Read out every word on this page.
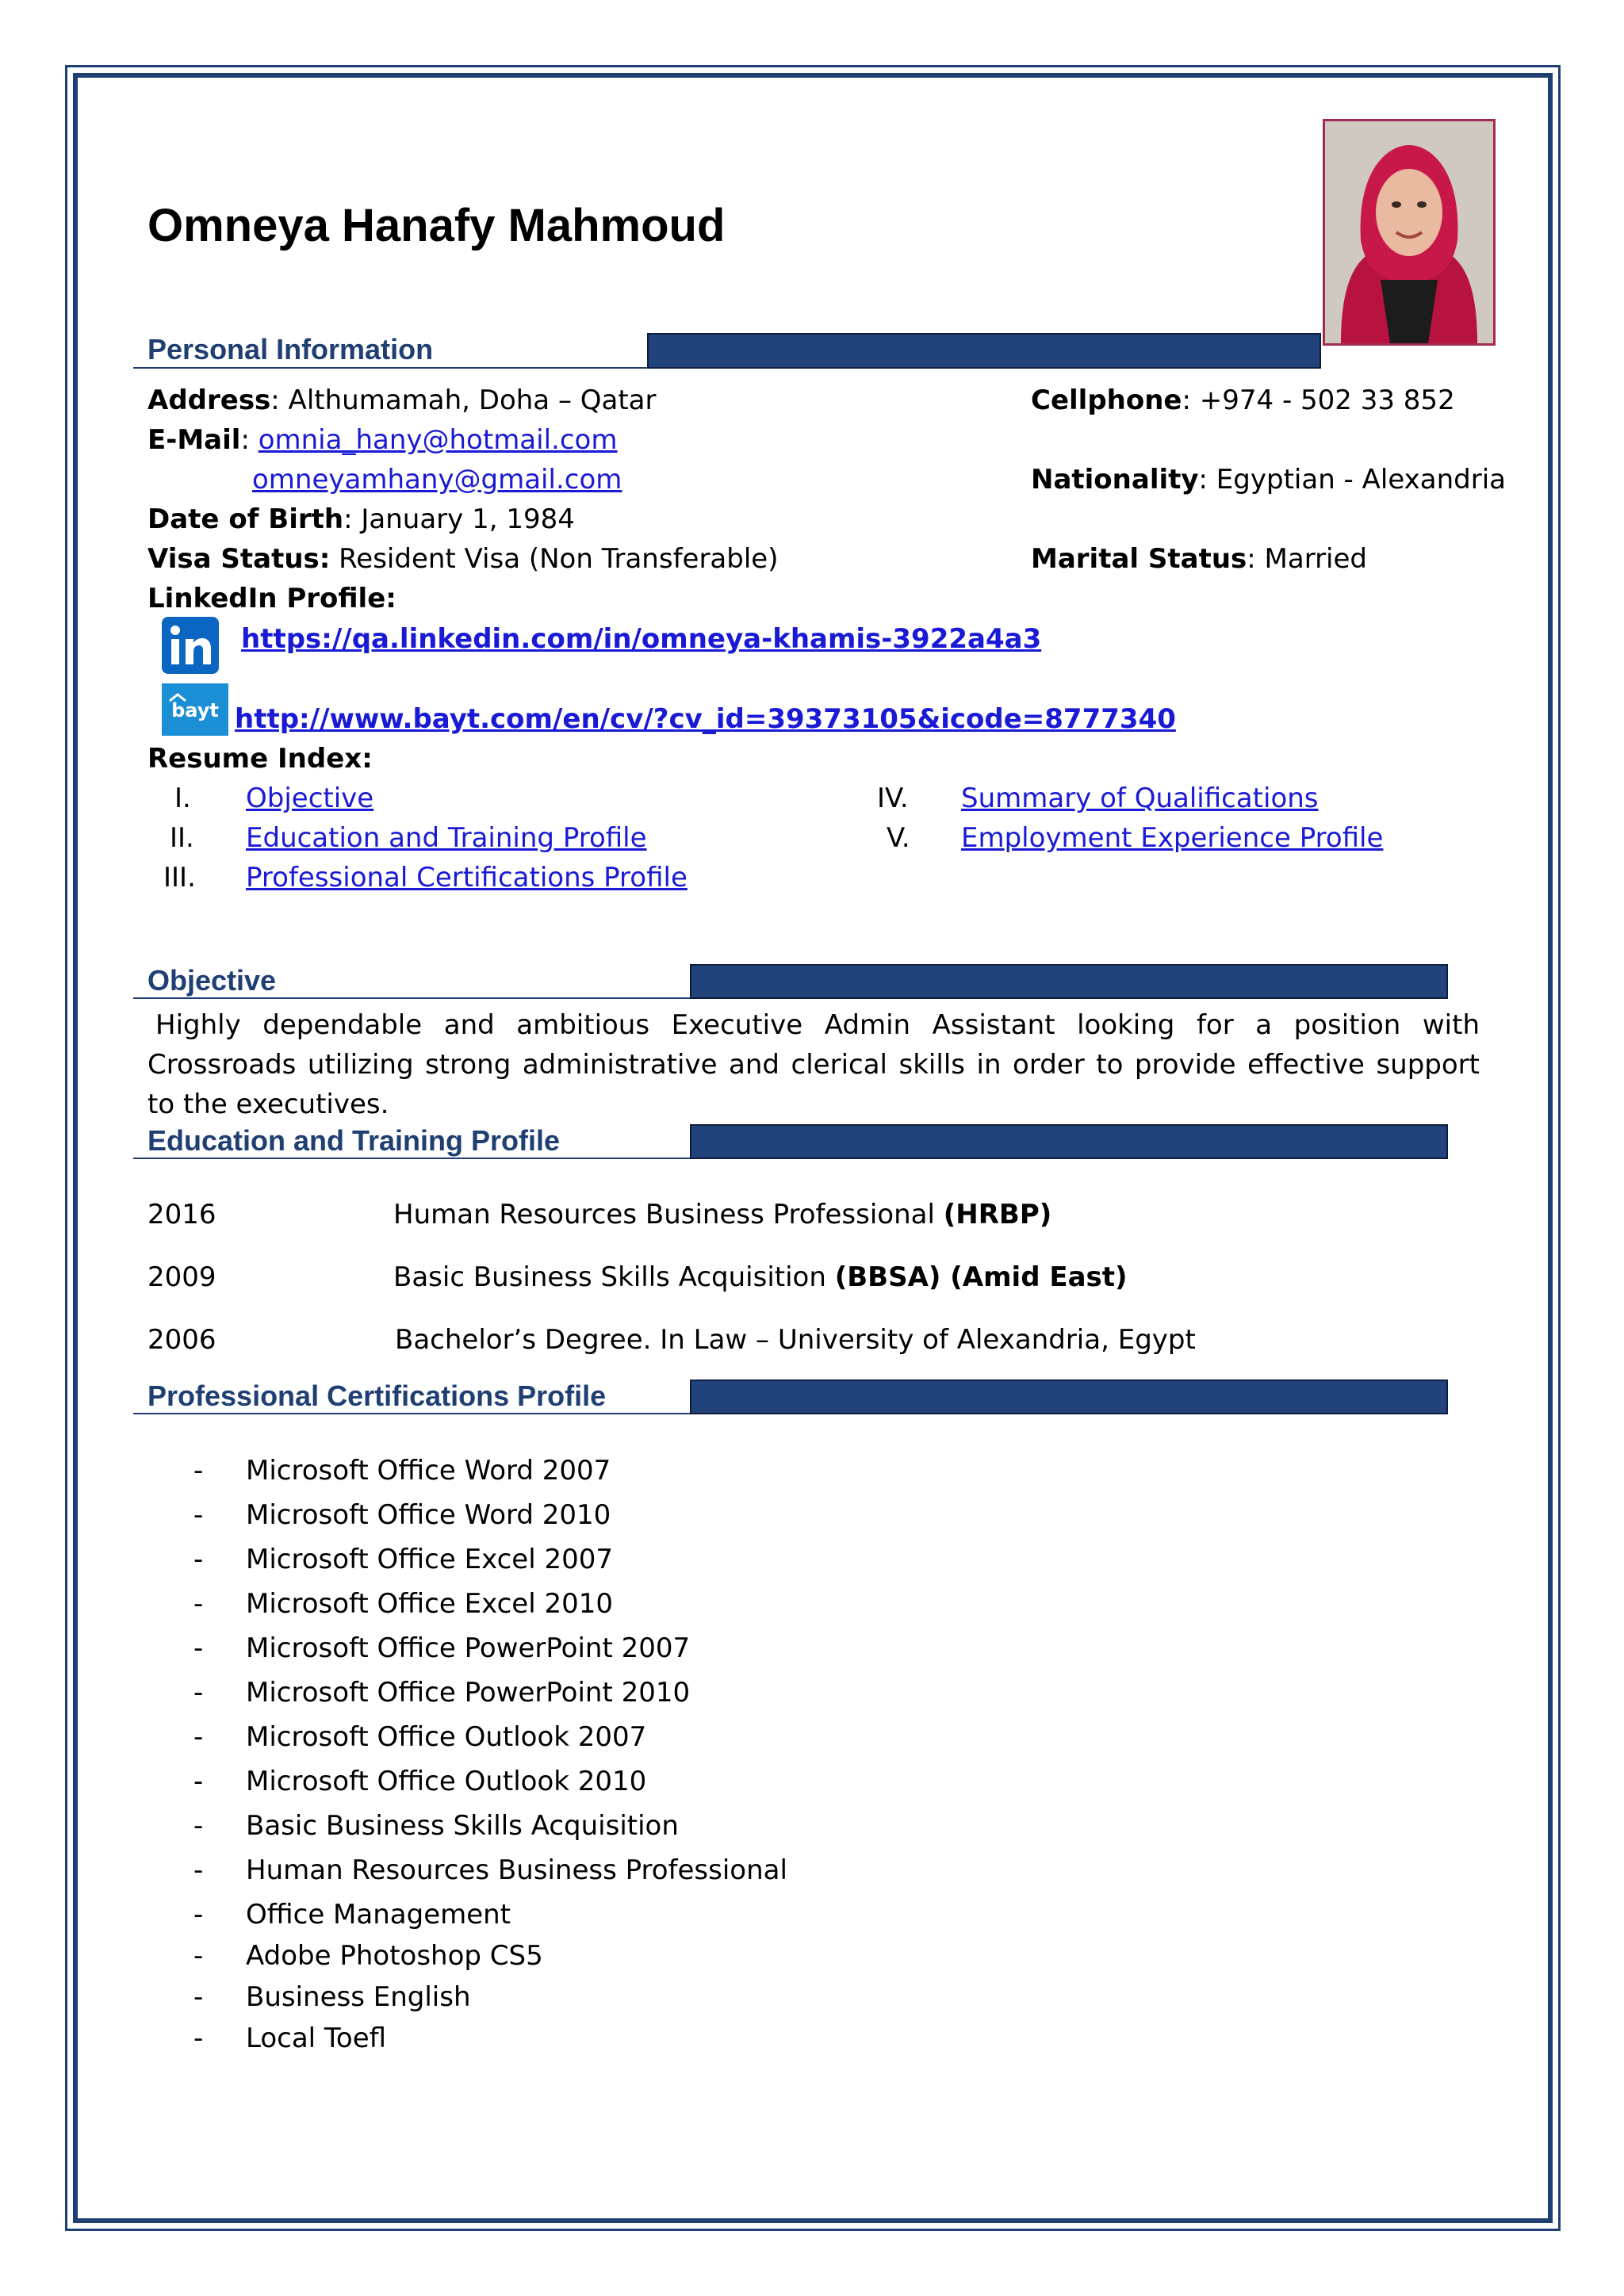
Omneya Hanafy Mahmoud
Personal Information
Address: Althumamah, Doha – Qatar
E-Mail: omnia_hany@hotmail.com
omneyamhany@gmail.com
Date of Birth: January 1, 1984
Visa Status: Resident Visa (Non Transferable)
LinkedIn Profile:
https://qa.linkedin.com/in/omneya-khamis-3922a4a3
bayt http://www.bayt.com/en/cv/?cv_id=39373105&icode=8777340
Cellphone: +974 - 502 33 852
Nationality: Egyptian - Alexandria
Marital Status: Married
Resume Index:
I. Objective
II. Education and Training Profile
III. Professional Certifications Profile
IV. Summary of Qualifications
V. Employment Experience Profile
Objective
Highly dependable and ambitious Executive Admin Assistant looking for a position with Crossroads utilizing strong administrative and clerical skills in order to provide effective support to the executives.
Education and Training Profile
2016	Human Resources Business Professional (HRBP)
2009	Basic Business Skills Acquisition (BBSA) (Amid East)
2006	Bachelor’s Degree. In Law – University of Alexandria, Egypt
Professional Certifications Profile
- Microsoft Office Word 2007
- Microsoft Office Word 2010
- Microsoft Office Excel 2007
- Microsoft Office Excel 2010
- Microsoft Office PowerPoint 2007
- Microsoft Office PowerPoint 2010
- Microsoft Office Outlook 2007
- Microsoft Office Outlook 2010
- Basic Business Skills Acquisition
- Human Resources Business Professional
- Office Management
- Adobe Photoshop CS5
- Business English
- Local Toefl
